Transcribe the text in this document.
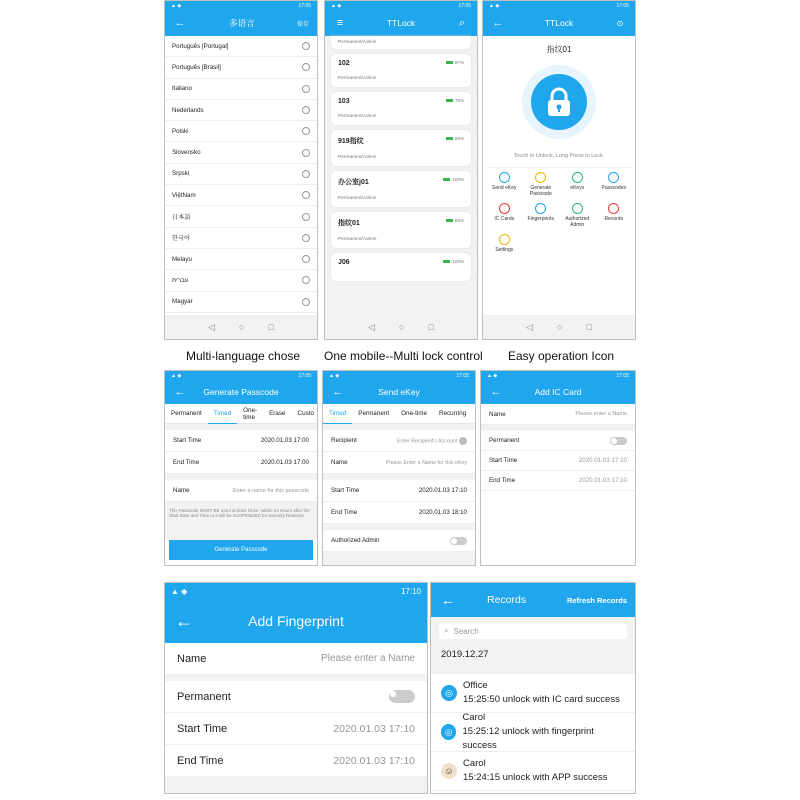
▲ ◆	17:05
←	多语言	保存
Português [Portugal]
Português [Brasil]
Italiano
Nederlands
Polski
Slovensko
Srpski
ViệtNam
日本語
한국어
Melayu
עברית
Magyar
◁	○	□
▲ ◆	17:05
≡	TTLock	⌕
Permanent/Admin
102	97%
Permanent/Admin
103	75%
Permanent/Admin
919指纹	65%
Permanent/Admin
办公室j01	100%
Permanent/Admin
指纹01	65%
Permanent/Admin
J06	100%
◁	○	□
▲ ◆	17:05
←	TTLock	⊙
指纹01
Touch to Unlock, Long Press to Lock.
Send eKey	Generate Passcode
eKeys	Passcodes
IC Cards	Fingerprints	Authorized Admin
Records
Settings
◁	○	□
Multi-language chose One mobile--Multi lock control Easy operation Icon
▲ ◆	17:05
←	Generate Passcode
Permanent	Timed	One-time	Erase	Custo
Start Time	2020.01.03 17:00
End Time	2020.01.03 17:00
Name	Enter a name for this passcode
This Passcode MUST BE used at least Once, within 24 Hours after the Start Date and Time or it will be SUSPENDED for Security Reasons.
Generate Passcode
▲ ◆	17:05
←	Send eKey
Timed	Permanent	One-time	Recurring
Recipient	Enter Recipient's Account
Name	Please Enter a Name for this eKey
Start Time	2020.01.03 17:10
End Time	2020.01.03 18:10
Authorized Admin
▲ ◆	17:05
←	Add IC Card
Name	Please enter a Name
Permanent
Start Time	2020.01.03 17:10
End Time	2020.01.03 17:10
▲ ◆	17:10
←	Add Fingerprint
Name	Please enter a Name
Permanent
Start Time	2020.01.03 17:10
End Time	2020.01.03 17:10
←	Records	Refresh Records
⌕ Search
2019.12.27
◎
Office
15:25:50 unlock with IC card success
◎
Carol
15:25:12 unlock with fingerprint success
☺
Carol
15:24:15 unlock with APP success
